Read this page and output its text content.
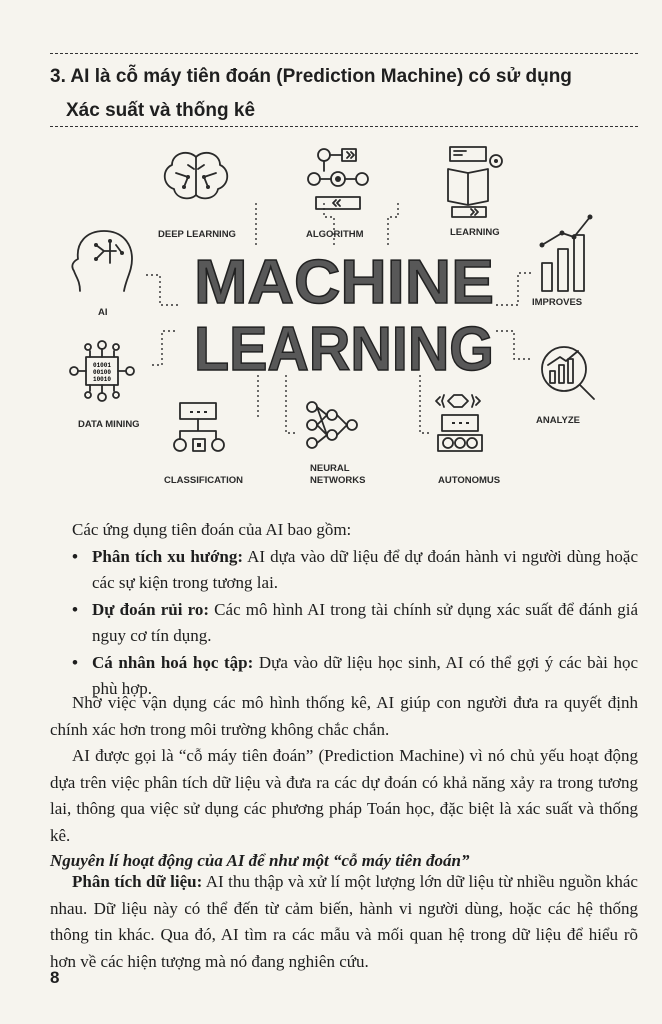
3. AI là cỗ máy tiên đoán (Prediction Machine) có sử dụng
Xác suất và thống kê
MACHINE
LEARNING
DEEP LEARNING	ALGORITHM	LEARNING
AI
IMPROVES
01001
00100
10010
DATA MINING	ANALYZE
CLASSIFICATION
NEURAL
NETWORKS	AUTONOMUS

Các ứng dụng tiên đoán của AI bao gồm:

• Phân tích xu hướng: AI dựa vào dữ liệu để dự đoán hành vi người dùng hoặc các sự kiện trong tương lai.
• Dự đoán rủi ro: Các mô hình AI trong tài chính sử dụng xác suất để đánh giá nguy cơ tín dụng.
• Cá nhân hoá học tập: Dựa vào dữ liệu học sinh, AI có thể gợi ý các bài học phù hợp.

Nhờ việc vận dụng các mô hình thống kê, AI giúp con người đưa ra quyết định chính xác hơn trong môi trường không chắc chắn.

AI được gọi là “cỗ máy tiên đoán” (Prediction Machine) vì nó chủ yếu hoạt động dựa trên việc phân tích dữ liệu và đưa ra các dự đoán có khả năng xảy ra trong tương lai, thông qua việc sử dụng các phương pháp Toán học, đặc biệt là xác suất và thống kê.

Nguyên lí hoạt động của AI để như một “cỗ máy tiên đoán”

Phân tích dữ liệu: AI thu thập và xử lí một lượng lớn dữ liệu từ nhiều nguồn khác nhau. Dữ liệu này có thể đến từ cảm biến, hành vi người dùng, hoặc các hệ thống thông tin khác. Qua đó, AI tìm ra các mẫu và mối quan hệ trong dữ liệu để hiểu rõ hơn về các hiện tượng mà nó đang nghiên cứu.

8
